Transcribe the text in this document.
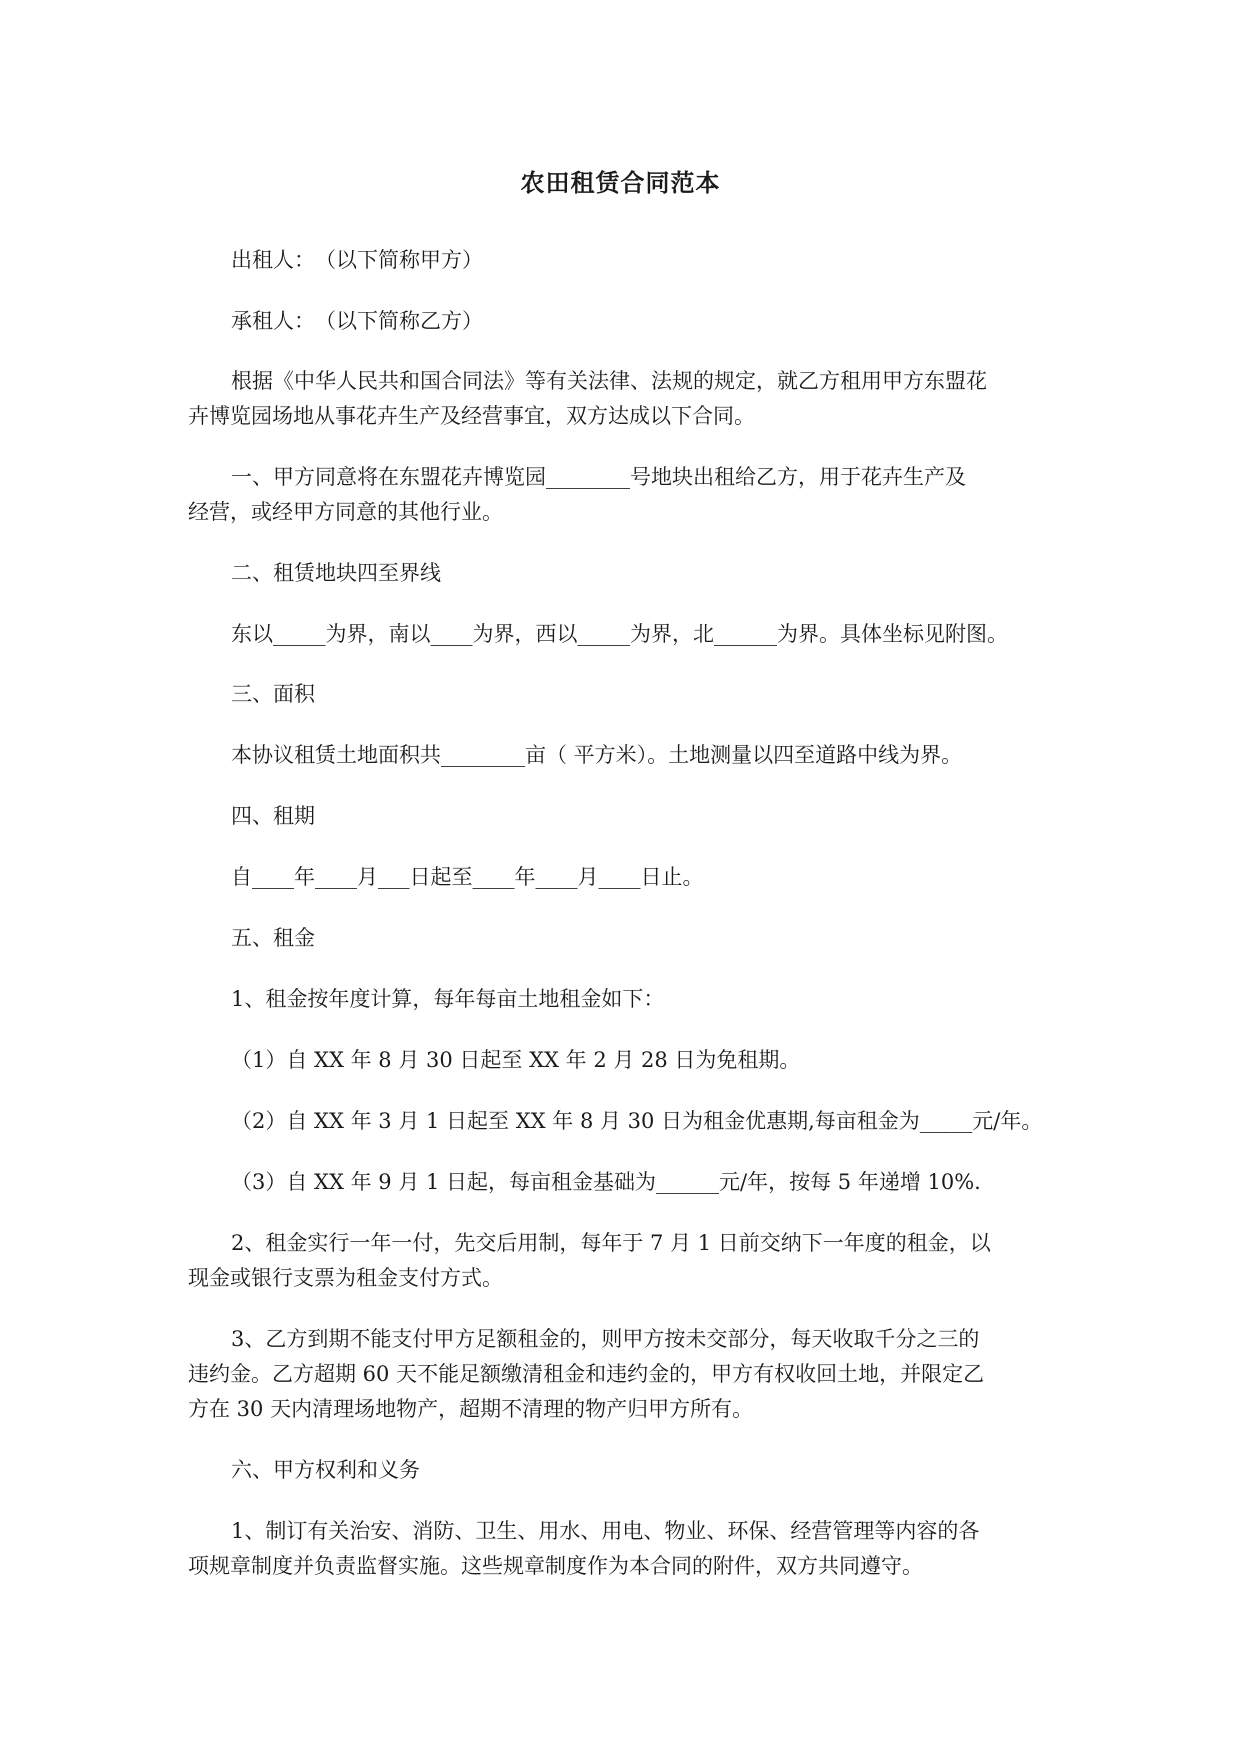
农田租赁合同范本
出租人：　（以下简称甲方）
承租人：　（以下简称乙方）
根据《中华人民共和国合同法》等有关法律、法规的规定，就乙方租用甲方东盟花
卉博览园场地从事花卉生产及经营事宜，双方达成以下合同。
一、甲方同意将在东盟花卉博览园________号地块出租给乙方，用于花卉生产及
经营，或经甲方同意的其他行业。
二、租赁地块四至界线
东以_____为界，南以____为界，西以_____为界，北______为界。具体坐标见附图。
三、面积
本协议租赁土地面积共________亩（ 平方米）。土地测量以四至道路中线为界。
四、租期
自____年____月___日起至____年____月____日止。
五、租金
1、租金按年度计算，每年每亩土地租金如下：
（1）自 XX 年 8 月 30 日起至 XX 年 2 月 28 日为免租期。
（2）自 XX 年 3 月 1 日起至 XX 年 8 月 30 日为租金优惠期,每亩租金为_____元/年。
（3）自 XX 年 9 月 1 日起，每亩租金基础为______元/年，按每 5 年递增 10%.
2、租金实行一年一付，先交后用制，每年于 7 月 1 日前交纳下一年度的租金，以
现金或银行支票为租金支付方式。
3、乙方到期不能支付甲方足额租金的，则甲方按未交部分，每天收取千分之三的
违约金。乙方超期 60 天不能足额缴清租金和违约金的，甲方有权收回土地，并限定乙
方在 30 天内清理场地物产，超期不清理的物产归甲方所有。
六、甲方权利和义务
1、制订有关治安、消防、卫生、用水、用电、物业、环保、经营管理等内容的各
项规章制度并负责监督实施。这些规章制度作为本合同的附件，双方共同遵守。
